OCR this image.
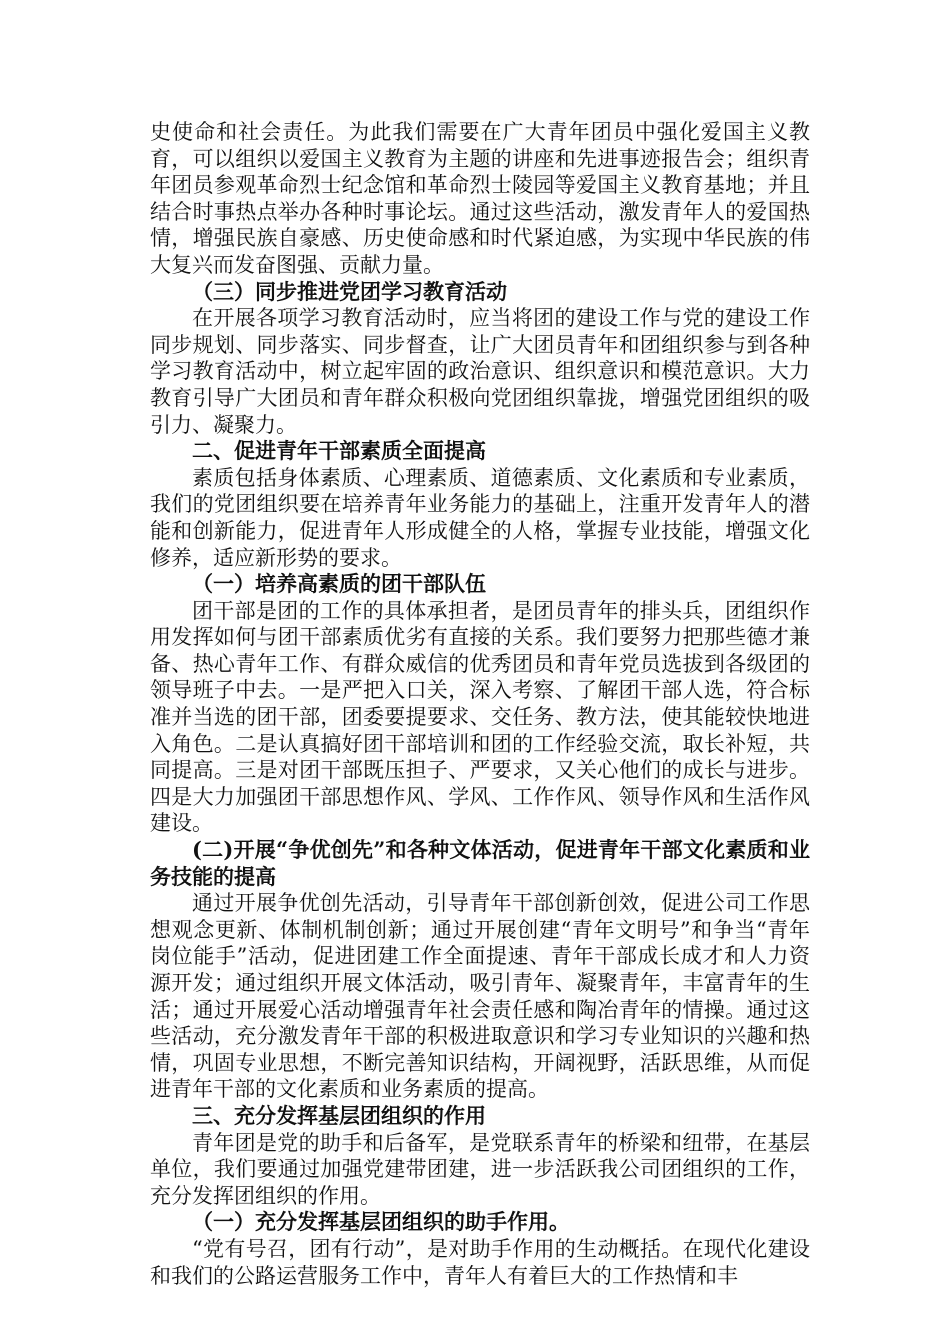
史使命和社会责任。为此我们需要在广大青年团员中强化爱国主义教育，可以组织以爱国主义教育为主题的讲座和先进事迹报告会；组织青年团员参观革命烈士纪念馆和革命烈士陵园等爱国主义教育基地；并且结合时事热点举办各种时事论坛。通过这些活动，激发青年人的爱国热情，增强民族自豪感、历史使命感和时代紧迫感，为实现中华民族的伟大复兴而发奋图强、贡献力量。

（三）同步推进党团学习教育活动

在开展各项学习教育活动时，应当将团的建设工作与党的建设工作同步规划、同步落实、同步督查，让广大团员青年和团组织参与到各种学习教育活动中，树立起牢固的政治意识、组织意识和模范意识。大力教育引导广大团员和青年群众积极向党团组织靠拢，增强党团组织的吸引力、凝聚力。

二、促进青年干部素质全面提高

素质包括身体素质、心理素质、道德素质、文化素质和专业素质，我们的党团组织要在培养青年业务能力的基础上，注重开发青年人的潜能和创新能力，促进青年人形成健全的人格，掌握专业技能，增强文化修养，适应新形势的要求。

（一）培养高素质的团干部队伍

团干部是团的工作的具体承担者，是团员青年的排头兵，团组织作用发挥如何与团干部素质优劣有直接的关系。我们要努力把那些德才兼备、热心青年工作、有群众威信的优秀团员和青年党员选拔到各级团的领导班子中去。一是严把入口关，深入考察、了解团干部人选，符合标准并当选的团干部，团委要提要求、交任务、教方法，使其能较快地进入角色。二是认真搞好团干部培训和团的工作经验交流，取长补短，共同提高。三是对团干部既压担子、严要求，又关心他们的成长与进步。四是大力加强团干部思想作风、学风、工作作风、领导作风和生活作风建设。

(二)开展“争优创先”和各种文体活动，促进青年干部文化素质和业务技能的提高

通过开展争优创先活动，引导青年干部创新创效，促进公司工作思想观念更新、体制机制创新；通过开展创建“青年文明号”和争当“青年岗位能手”活动，促进团建工作全面提速、青年干部成长成才和人力资源开发；通过组织开展文体活动，吸引青年、凝聚青年，丰富青年的生活；通过开展爱心活动增强青年社会责任感和陶冶青年的情操。通过这些活动，充分激发青年干部的积极进取意识和学习专业知识的兴趣和热情，巩固专业思想，不断完善知识结构，开阔视野，活跃思维，从而促进青年干部的文化素质和业务素质的提高。

三、充分发挥基层团组织的作用

青年团是党的助手和后备军，是党联系青年的桥梁和纽带，在基层单位，我们要通过加强党建带团建，进一步活跃我公司团组织的工作，充分发挥团组织的作用。

（一）充分发挥基层团组织的助手作用。

“党有号召，团有行动”，是对助手作用的生动概括。在现代化建设和我们的公路运营服务工作中，青年人有着巨大的工作热情和丰
